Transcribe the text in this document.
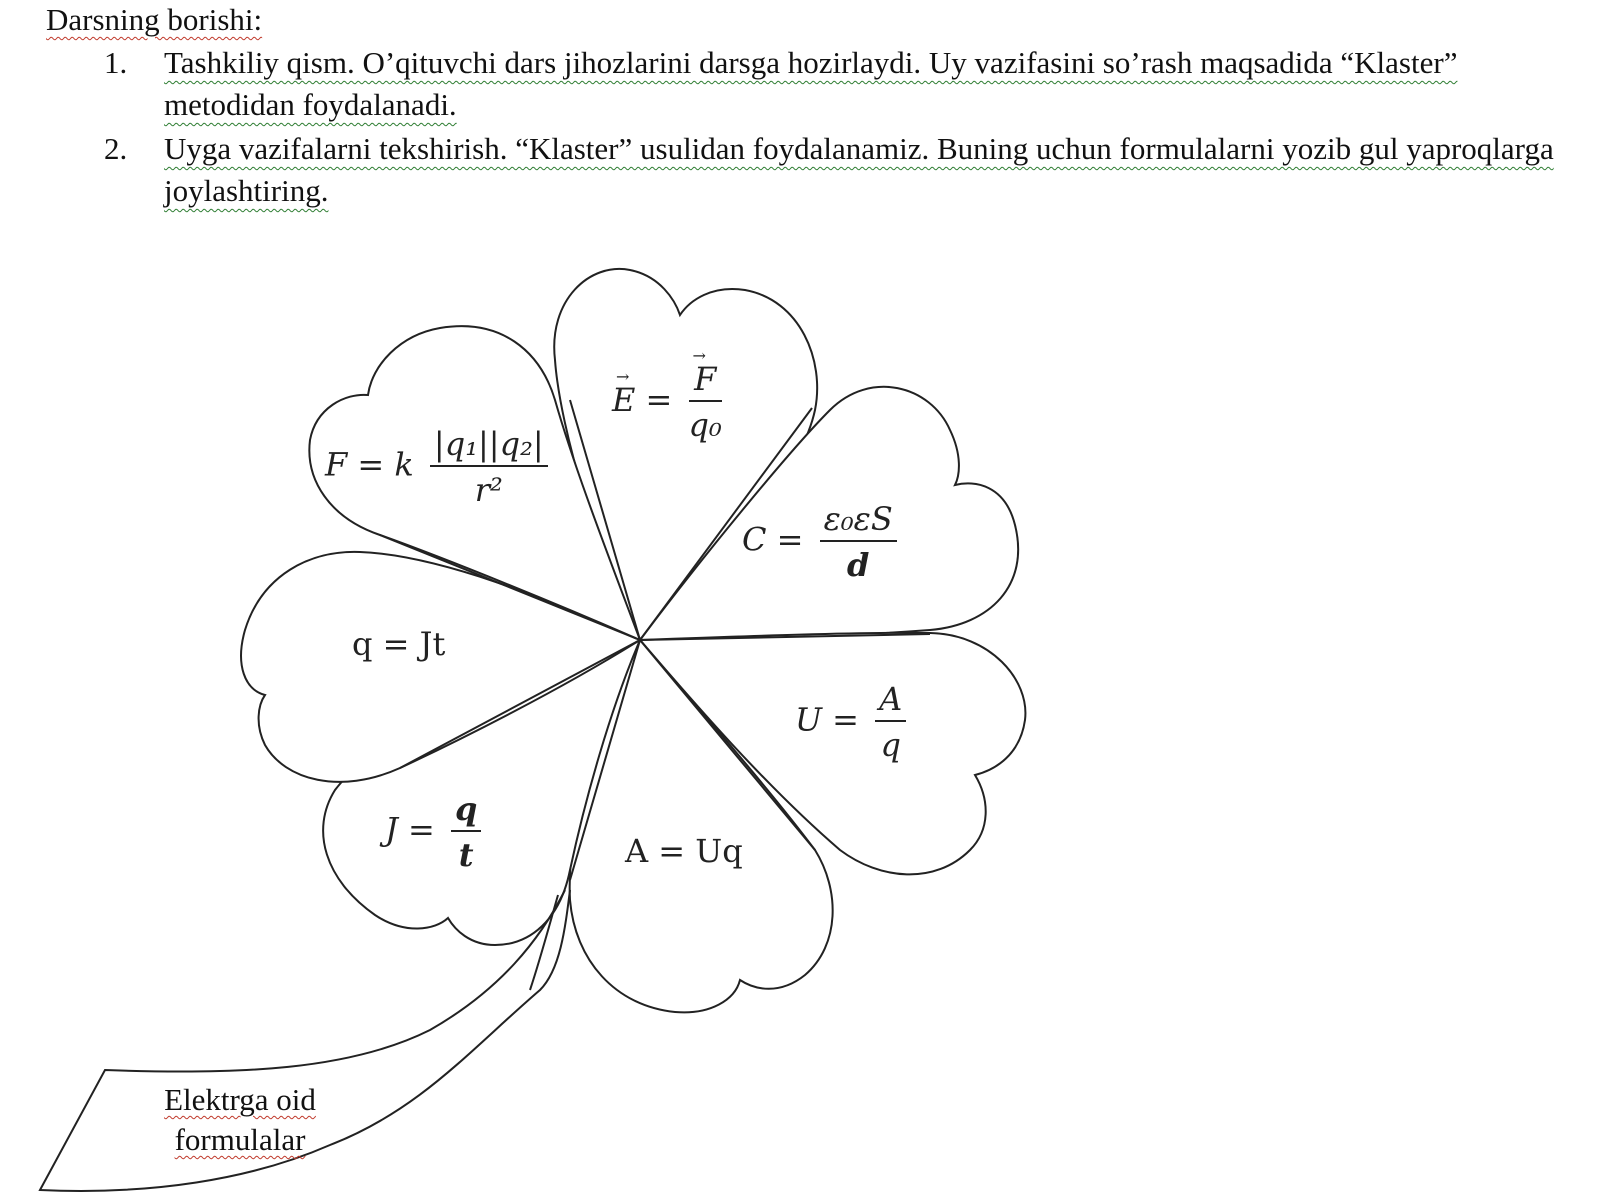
Darsning borishi:
1.	Tashkiliy qism. O’qituvchi dars jihozlarini darsga hozirlaydi. Uy vazifasini so’rash maqsadida “Klaster” metodidan foydalanadi.
2.	Uyga vazifalarni tekshirish. “Klaster” usulidan foydalanamiz. Buning uchun formulalarni yozib gul yaproqlarga joylashtiring.
F = k $\frac{\text{|q₁||q₂|}}{\text{r²}}$
→ E =
→ $\frac{F}{\text{q₀}}$
$C = \frac{\text{ε₀εS}}{d}$
$U = \frac{A}{q}$
A = Uq
$J = \frac{q}{t}$
q = Jt
Elektrga oid
formulalar
